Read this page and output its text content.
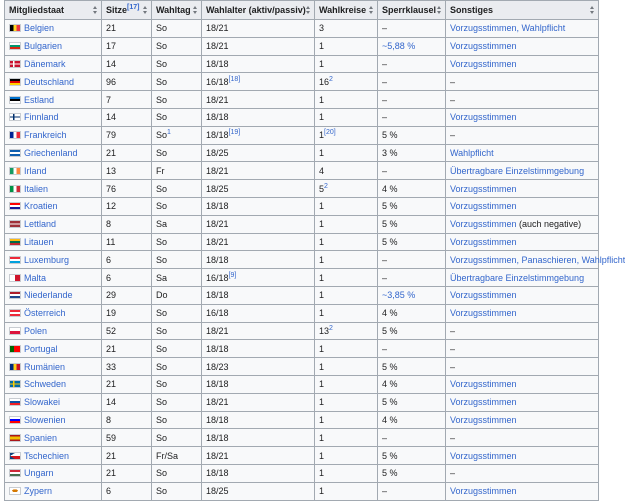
Mitgliedstaat	Sitze[17]	Wahltag	Wahlalter (aktiv/passiv)	Wahlkreise	Sperrklausel	Sonstiges

Belgien	21	So	18/21	3	–	Vorzugsstimmen, Wahlpflicht
Bulgarien	17	So	18/21	1	~5,88 %	Vorzugsstimmen
Dänemark	14	So	18/18	1	–	Vorzugsstimmen
Deutschland	96	So	16/18[18]	$16^2$	–	–
Estland	7	So	18/21	1	–	–
Finnland	14	So	18/18	1	–	Vorzugsstimmen
Frankreich	79	So$^1$	18/18[19]	1[20]	5 %	–
Griechenland	21	So	18/25	1	3 %	Wahlpflicht
Irland	13	Fr	18/21	4	–	Übertragbare Einzelstimmgebung
Italien	76	So	18/25	$5^2$	4 %	Vorzugsstimmen
Kroatien	12	So	18/18	1	5 %	Vorzugsstimmen
Lettland	8	Sa	18/21	1	5 %	Vorzugsstimmen (auch negative)
Litauen	11	So	18/21	1	5 %	Vorzugsstimmen
Luxemburg	6	So	18/18	1	–	Vorzugsstimmen, Panaschieren, Wahlpflicht
Malta	6	Sa	16/18[9]	1	–	Übertragbare Einzelstimmgebung
Niederlande	29	Do	18/18	1	~3,85 %	Vorzugsstimmen
Österreich	19	So	16/18	1	4 %	Vorzugsstimmen
Polen	52	So	18/21	$13^2$	5 %	–
Portugal	21	So	18/18	1	–	–
Rumänien	33	So	18/23	1	5 %	–
Schweden	21	So	18/18	1	4 %	Vorzugsstimmen
Slowakei	14	So	18/21	1	5 %	Vorzugsstimmen
Slowenien	8	So	18/18	1	4 %	Vorzugsstimmen
Spanien	59	So	18/18	1	–	–
Tschechien	21	Fr/Sa	18/21	1	5 %	Vorzugsstimmen
Ungarn	21	So	18/18	1	5 %	–
Zypern	6	So	18/25	1	–	Vorzugsstimmen
